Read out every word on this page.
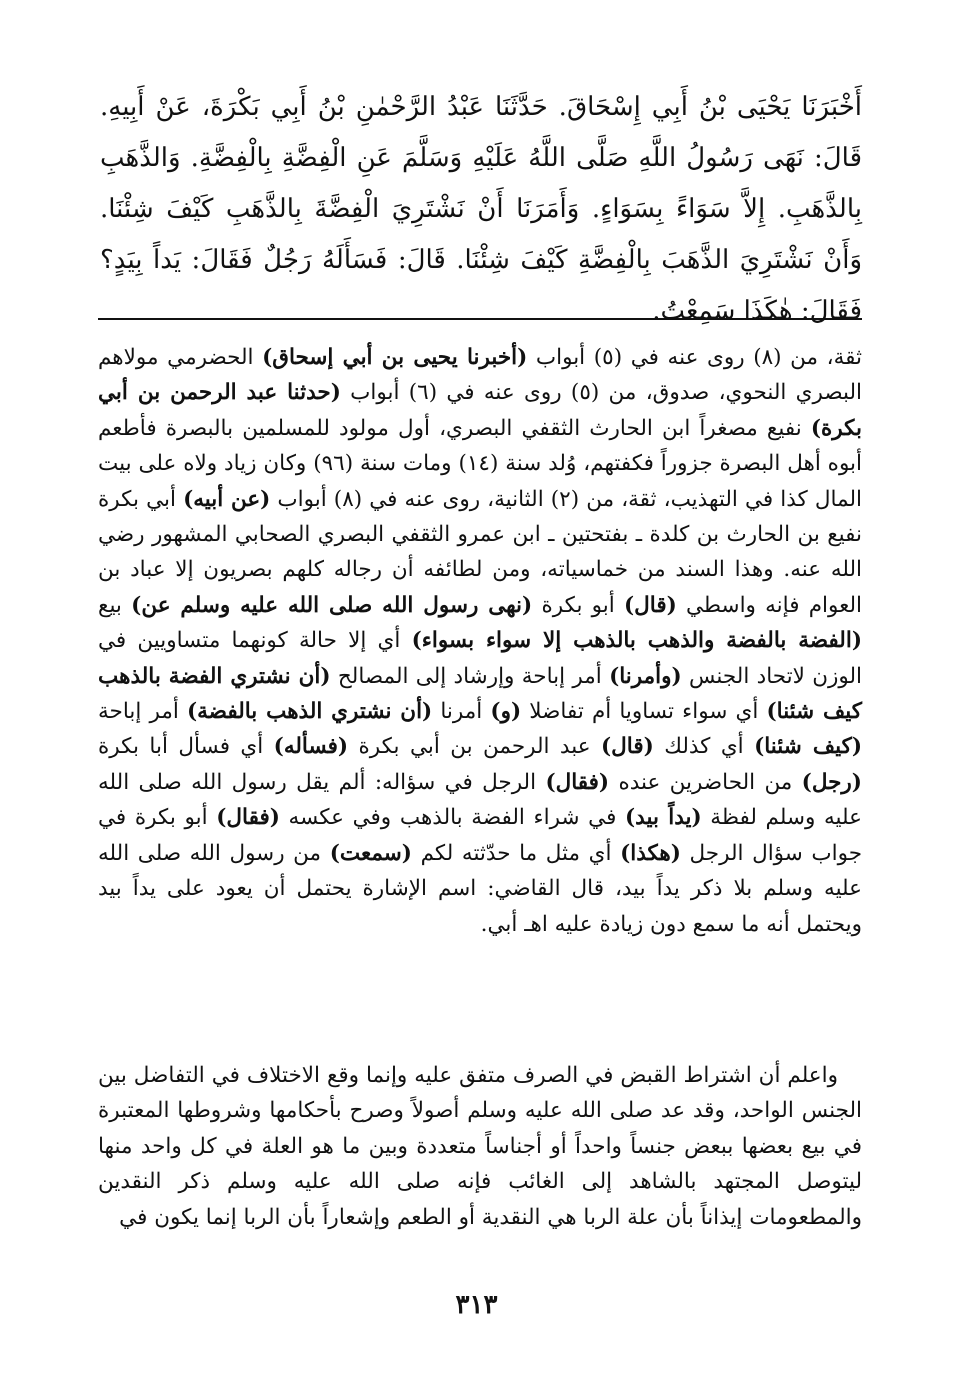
أَخْبَرَنَا يَحْيَى بْنُ أَبِي إِسْحَاقَ. حَدَّثَنَا عَبْدُ الرَّحْمٰنِ بْنُ أَبِي بَكْرَةَ، عَنْ أَبِيهِ. قَالَ: نَهَى رَسُولُ اللَّهِ صَلَّى اللَّهُ عَلَيْهِ وَسَلَّمَ عَنِ الْفِضَّةِ بِالْفِضَّةِ. وَالذَّهَبِ بِالذَّهَبِ. إِلاَّ سَوَاءً بِسَوَاءٍ. وَأَمَرَنَا أَنْ نَشْتَرِيَ الْفِضَّةَ بِالذَّهَبِ كَيْفَ شِئْنَا. وَأَنْ نَشْتَرِيَ الذَّهَبَ بِالْفِضَّةِ كَيْفَ شِئْنَا. قَالَ: فَسَأَلَهُ رَجُلٌ فَقَالَ: يَداً بِيَدٍ؟ فَقَالَ: هٰكَذَا سَمِعْتُ.

ثقة، من (٨) روى عنه في (٥) أبواب (أخبرنا يحيى بن أبي إسحاق) الحضرمي مولاهم البصري النحوي، صدوق، من (٥) روى عنه في (٦) أبواب (حدثنا عبد الرحمن بن أبي بكرة) نفيع مصغراً ابن الحارث الثقفي البصري، أول مولود للمسلمين بالبصرة فأطعم أبوه أهل البصرة جزوراً فكفتهم، وُلد سنة (١٤) ومات سنة (٩٦) وكان زياد ولاه على بيت المال كذا في التهذيب، ثقة، من (٢) الثانية، روى عنه في (٨) أبواب (عن أبيه) أبي بكرة نفيع بن الحارث بن كلدة ـ بفتحتين ـ ابن عمرو الثقفي البصري الصحابي المشهور رضي الله عنه. وهذا السند من خماسياته، ومن لطائفه أن رجاله كلهم بصريون إلا عباد بن العوام فإنه واسطي (قال) أبو بكرة (نهى رسول الله صلى الله عليه وسلم عن) بيع (الفضة بالفضة والذهب بالذهب إلا سواء بسواء) أي إلا حالة كونهما متساويين في الوزن لاتحاد الجنس (وأمرنا) أمر إباحة وإرشاد إلى المصالح (أن نشتري الفضة بالذهب كيف شئنا) أي سواء تساويا أم تفاضلا (و) أمرنا (أن نشتري الذهب بالفضة) أمر إباحة (كيف شئنا) أي كذلك (قال) عبد الرحمن بن أبي بكرة (فسأله) أي فسأل أبا بكرة (رجل) من الحاضرين عنده (فقال) الرجل في سؤاله: ألم يقل رسول الله صلى الله عليه وسلم لفظة (يداً بيد) في شراء الفضة بالذهب وفي عكسه (فقال) أبو بكرة في جواب سؤال الرجل (هكذا) أي مثل ما حدّثته لكم (سمعت) من رسول الله صلى الله عليه وسلم بلا ذكر يداً بيد، قال القاضي: اسم الإشارة يحتمل أن يعود على يداً بيد ويحتمل أنه ما سمع دون زيادة عليه اهـ أبي.

واعلم أن اشتراط القبض في الصرف متفق عليه وإنما وقع الاختلاف في التفاضل بين الجنس الواحد، وقد عد صلى الله عليه وسلم أصولاً وصرح بأحكامها وشروطها المعتبرة في بيع بعضها ببعض جنساً واحداً أو أجناساً متعددة وبين ما هو العلة في كل واحد منها ليتوصل المجتهد بالشاهد إلى الغائب فإنه صلى الله عليه وسلم ذكر النقدين والمطعومات إيذاناً بأن علة الربا هي النقدية أو الطعم وإشعاراً بأن الربا إنما يكون في

٣١٣
